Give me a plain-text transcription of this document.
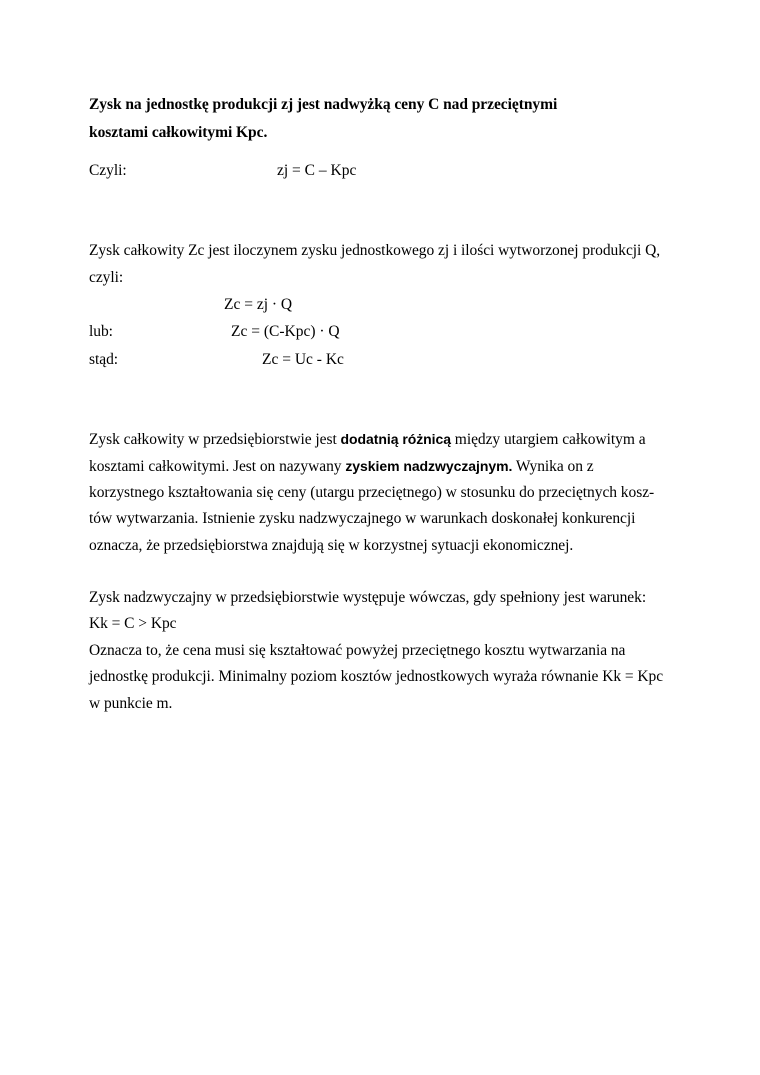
Zysk na jednostkę produkcji zj jest nadwyżką ceny C nad przeciętnymi
kosztami całkowitymi Kpc.
Czyli:	zj = C – Kpc
Zysk całkowity Zc jest iloczynem zysku jednostkowego zj i ilości wytworzonej produkcji Q,
czyli:
Zc = zj · Q
lub:	Zc = (C-Kpc) · Q
stąd:	Zc = Uc - Kc
Zysk całkowity w przedsiębiorstwie jest dodatnią różnicą między utargiem całkowitym a
kosztami całkowitymi. Jest on nazywany zyskiem nadzwyczajnym. Wynika on z
korzystnego kształtowania się ceny (utargu przeciętnego) w stosunku do przeciętnych kosz-
tów wytwarzania. Istnienie zysku nadzwyczajnego w warunkach doskonałej konkurencji
oznacza, że przedsiębiorstwa znajdują się w korzystnej sytuacji ekonomicznej.
Zysk nadzwyczajny w przedsiębiorstwie występuje wówczas, gdy spełniony jest warunek:
Kk = C > Kpc
Oznacza to, że cena musi się kształtować powyżej przeciętnego kosztu wytwarzania na
jednostkę produkcji. Minimalny poziom kosztów jednostkowych wyraża równanie Kk = Kpc
w punkcie m.
